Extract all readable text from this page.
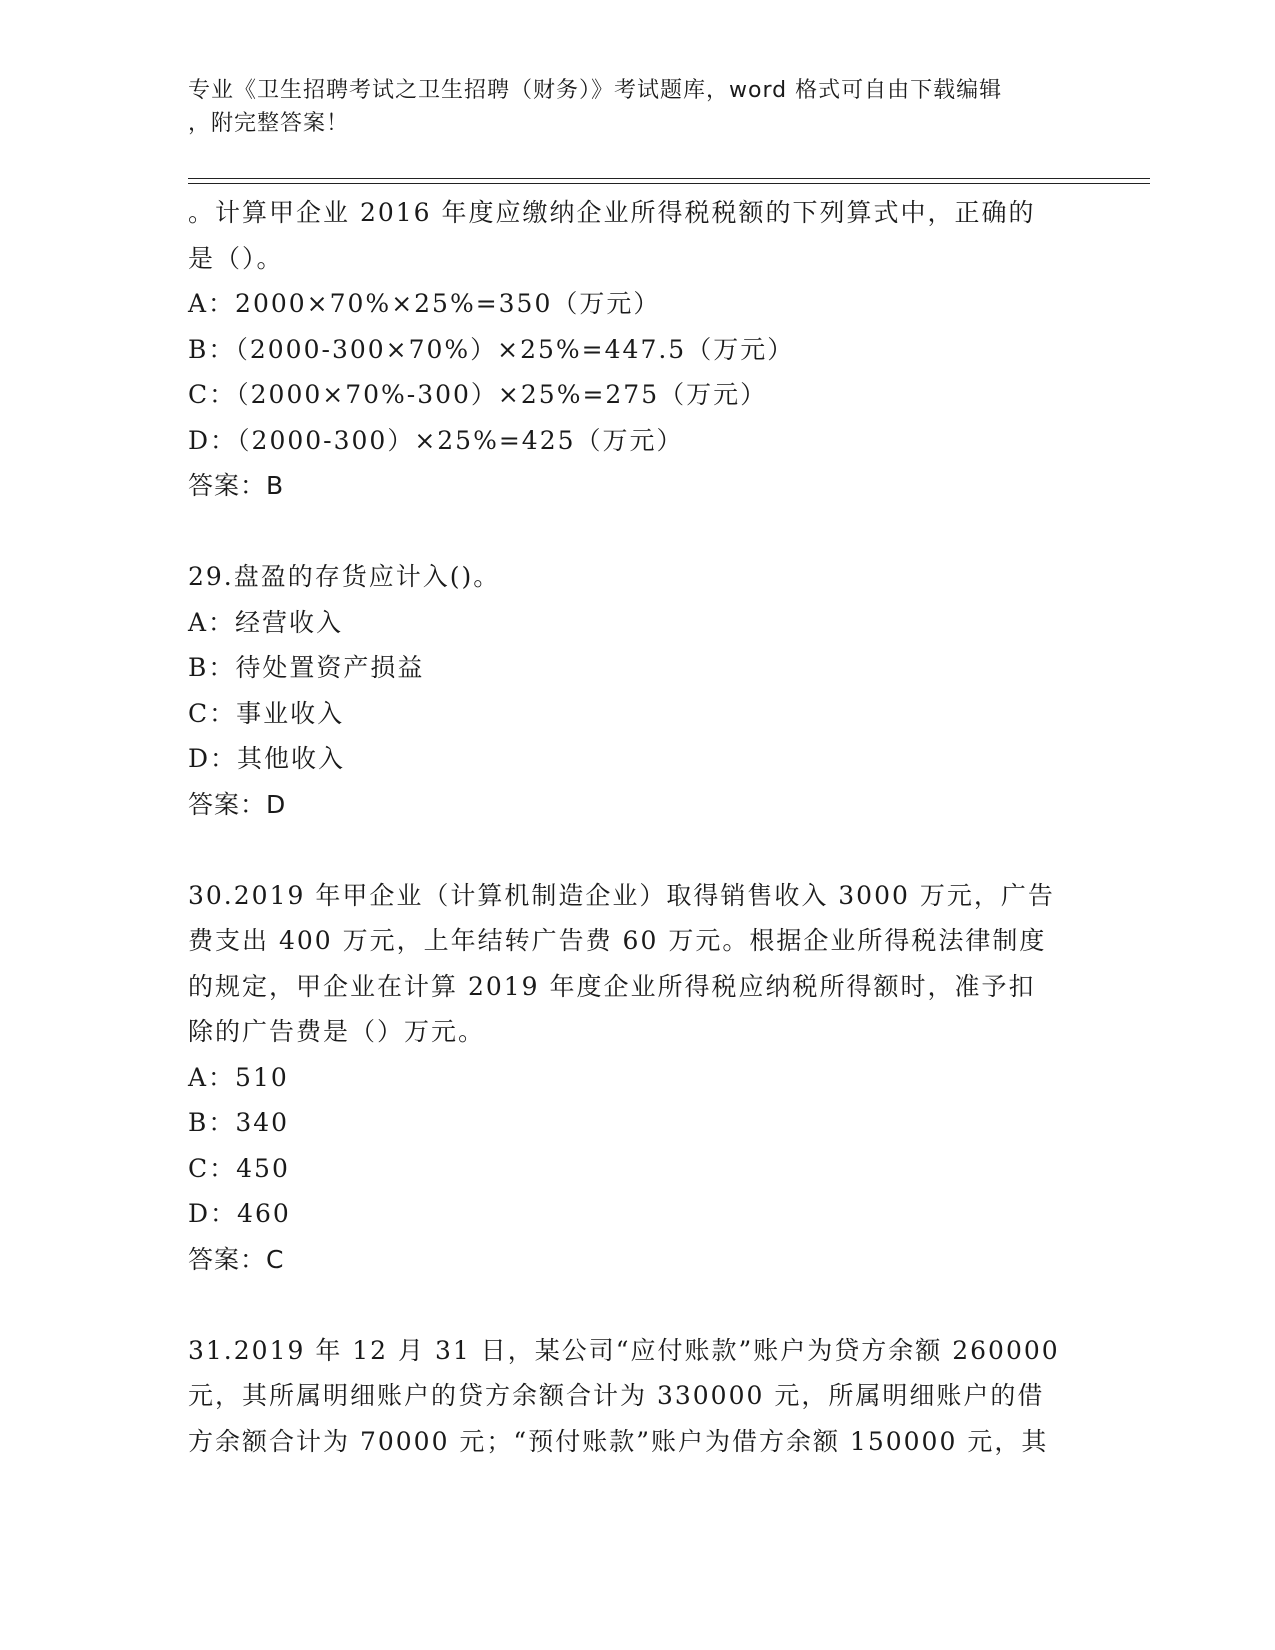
专业《卫生招聘考试之卫生招聘（财务）》考试题库，word 格式可自由下载编辑
，附完整答案！

。计算甲企业 2016 年度应缴纳企业所得税税额的下列算式中，正确的

是（）。

A：2000×70%×25%=350（万元）

B：（2000-300×70%）×25%=447.5（万元）

C：（2000×70%-300）×25%=275（万元）

D：（2000-300）×25%=425（万元）

答案：B

29.盘盈的存货应计入()。

A：经营收入

B：待处置资产损益

C：事业收入

D：其他收入

答案：D

30.2019 年甲企业（计算机制造企业）取得销售收入 3000 万元，广告

费支出 400 万元，上年结转广告费 60 万元。根据企业所得税法律制度

的规定，甲企业在计算 2019 年度企业所得税应纳税所得额时，准予扣

除的广告费是（）万元。

A：510

B：340

C：450

D：460

答案：C

31.2019 年 12 月 31 日，某公司“应付账款”账户为贷方余额 260000

元，其所属明细账户的贷方余额合计为 330000 元，所属明细账户的借

方余额合计为 70000 元；“预付账款”账户为借方余额 150000 元，其
